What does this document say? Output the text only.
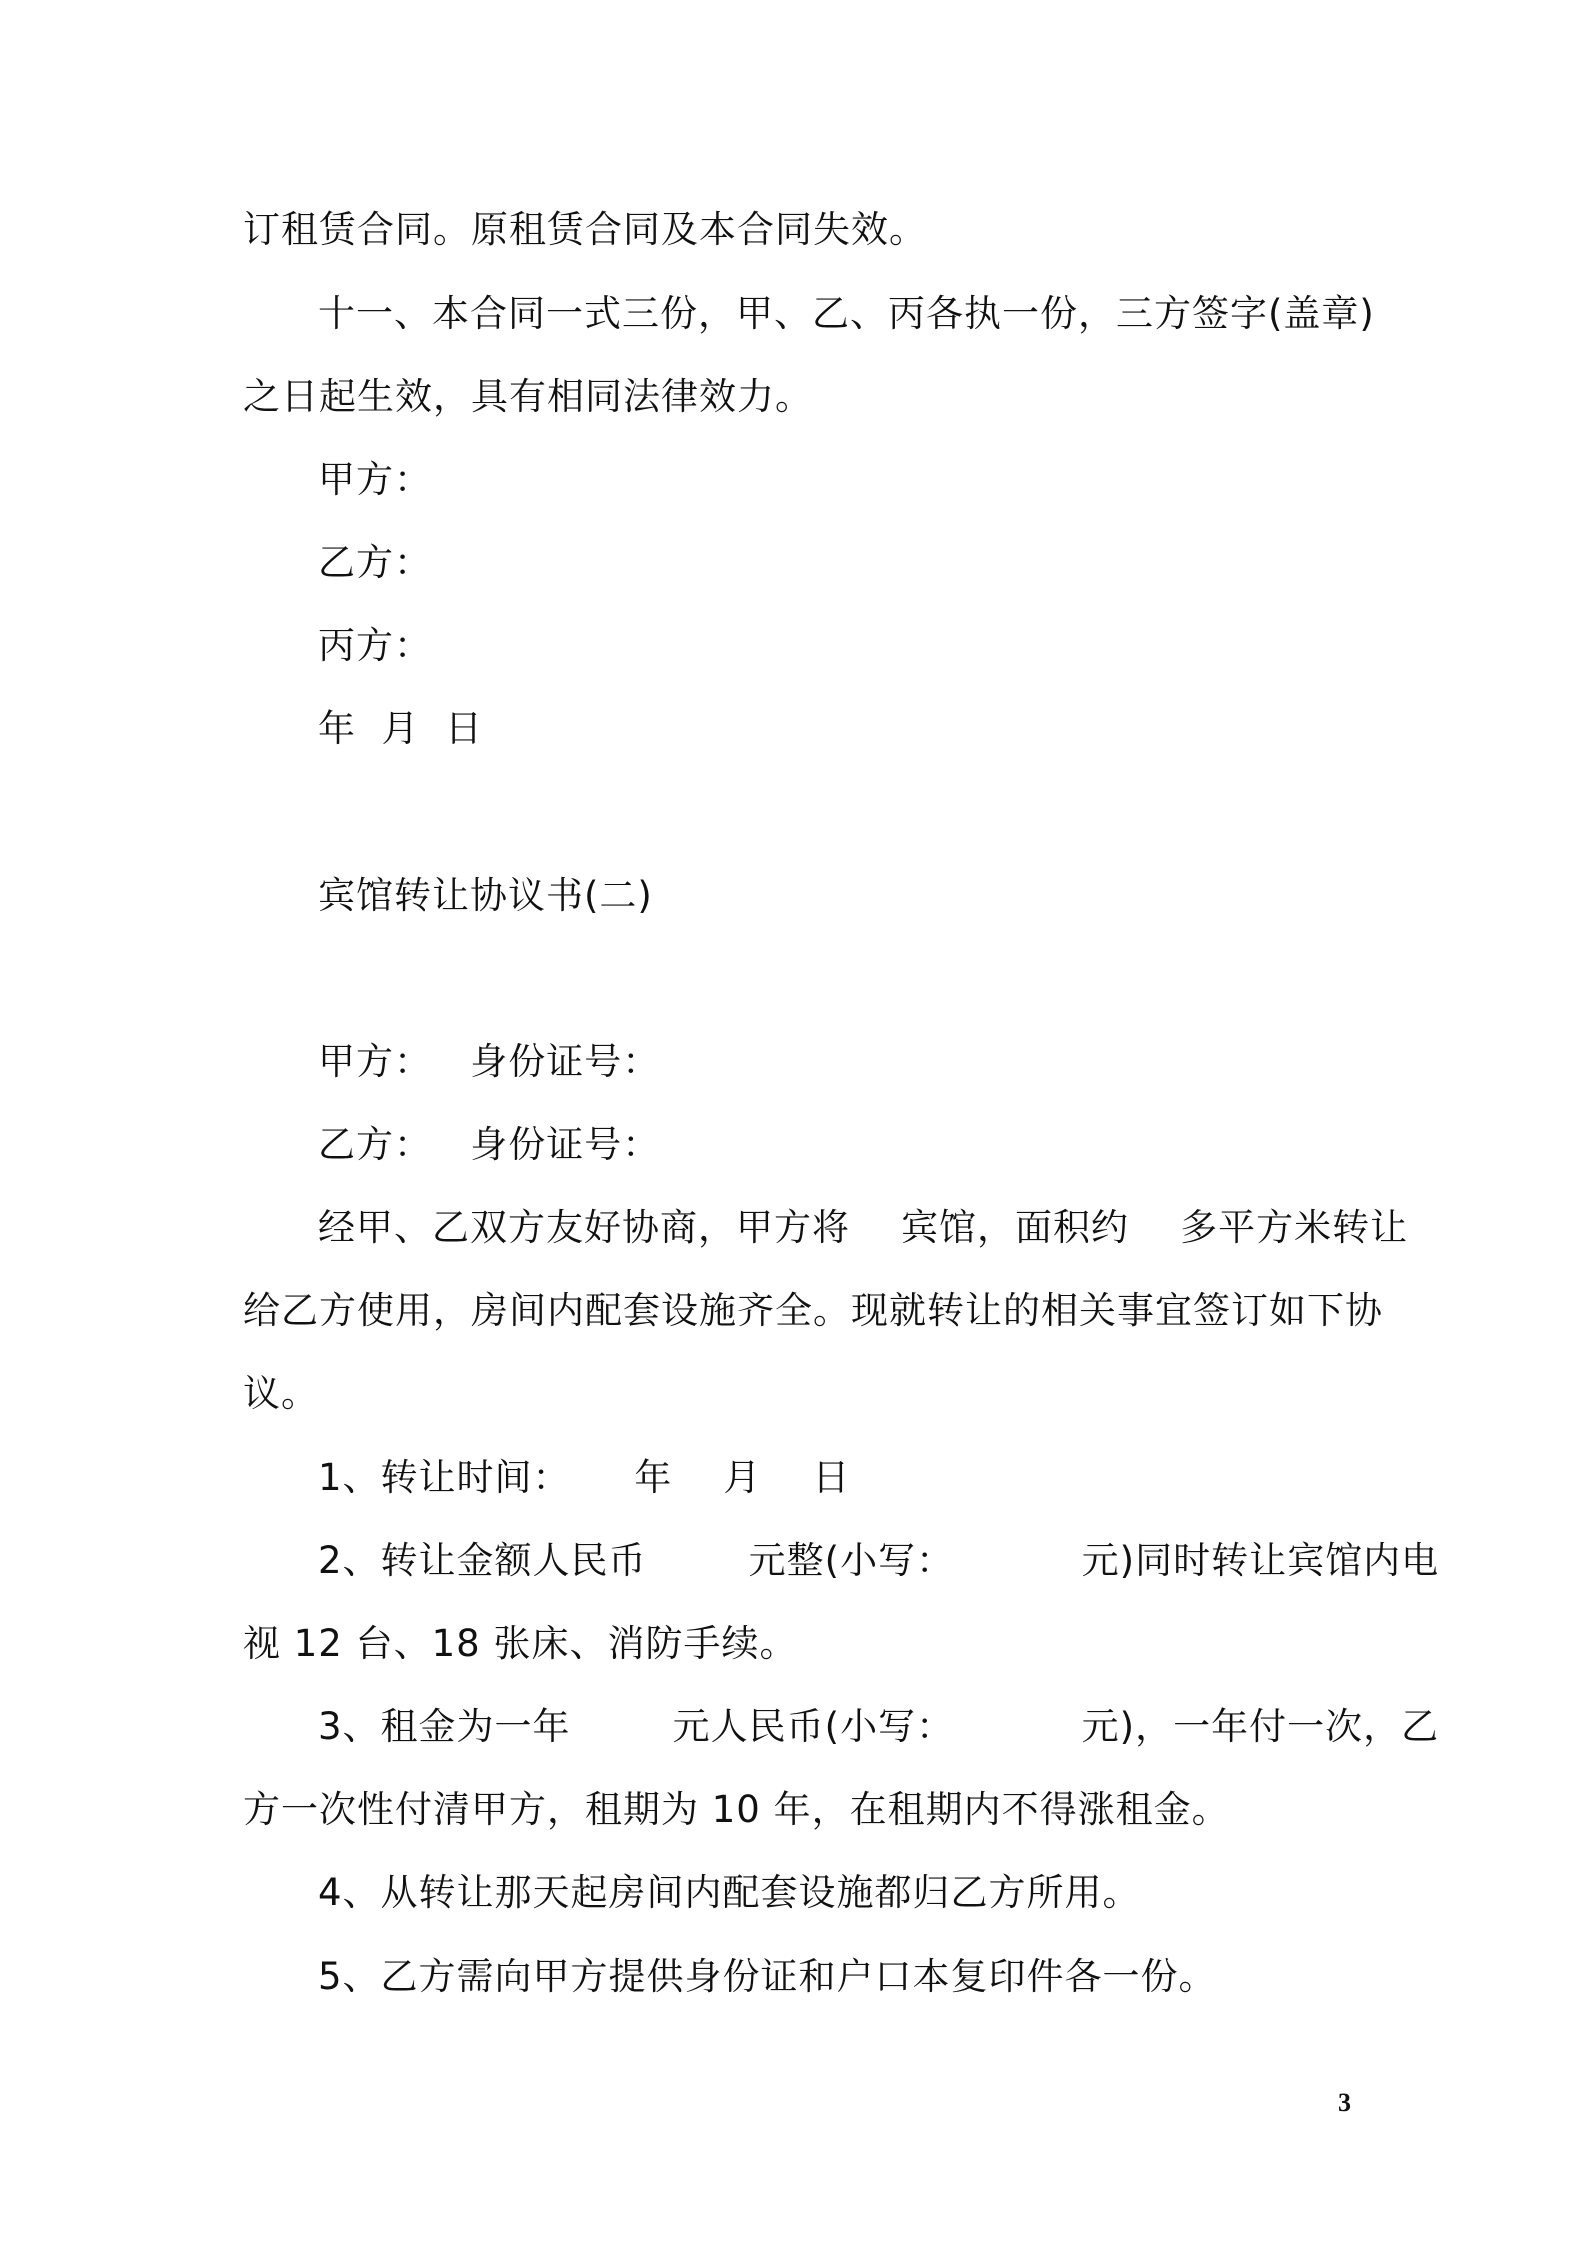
订租赁合同。原租赁合同及本合同失效。

十一、本合同一式三份，甲、乙、丙各执一份，三方签字(盖章)

之日起生效，具有相同法律效力。

甲方：

乙方：

丙方：

年  月  日

宾馆转让协议书(二)

甲方：   身份证号：

乙方：   身份证号：

经甲、乙双方友好协商，甲方将    宾馆，面积约    多平方米转让

给乙方使用，房间内配套设施齐全。现就转让的相关事宜签订如下协

议。

1、转让时间：     年    月    日

2、转让金额人民币        元整(小写：          元)同时转让宾馆内电

视 12 台、18 张床、消防手续。

3、租金为一年        元人民币(小写：          元)，一年付一次，乙

方一次性付清甲方，租期为 10 年，在租期内不得涨租金。

4、从转让那天起房间内配套设施都归乙方所用。

5、乙方需向甲方提供身份证和户口本复印件各一份。

3
